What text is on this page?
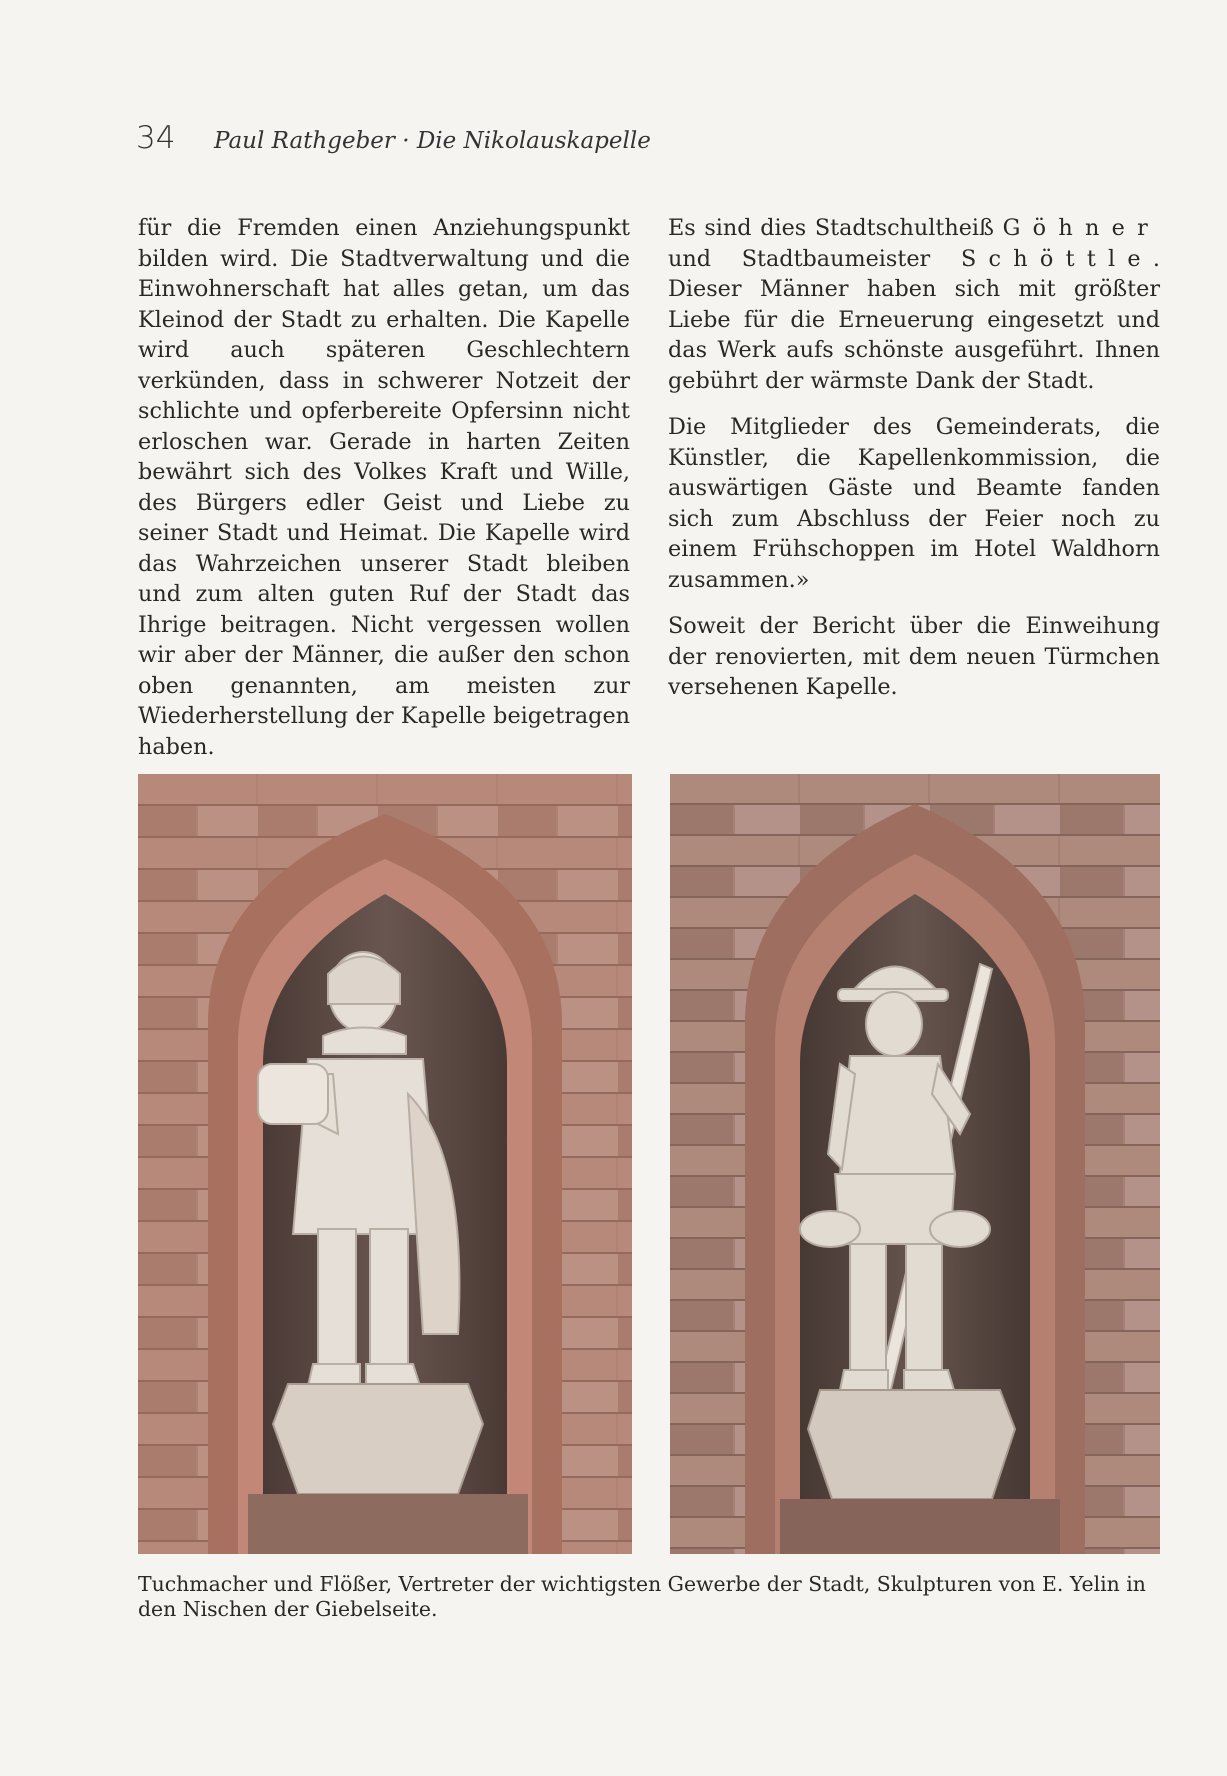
34 Paul Rathgeber · Die Nikolauskapelle

für die Fremden einen Anziehungspunkt bilden wird. Die Stadtverwaltung und die Einwohnerschaft hat alles getan, um das Kleinod der Stadt zu erhalten. Die Kapelle wird auch späteren Geschlechtern verkünden, dass in schwerer Notzeit der schlichte und opferbereite Opfersinn nicht erloschen war. Gerade in harten Zeiten bewährt sich des Volkes Kraft und Wille, des Bürgers edler Geist und Liebe zu seiner Stadt und Heimat. Die Kapelle wird das Wahrzeichen unserer Stadt bleiben und zum alten guten Ruf der Stadt das Ihrige beitragen. Nicht vergessen wollen wir aber der Männer, die außer den schon oben genannten, am meisten zur Wiederherstellung der Kapelle beigetragen haben.

Es sind dies Stadtschultheiß Göhner und Stadtbaumeister Schöttle. Dieser Männer haben sich mit größter Liebe für die Erneuerung eingesetzt und das Werk aufs schönste ausgeführt. Ihnen gebührt der wärmste Dank der Stadt.

Die Mitglieder des Gemeinderats, die Künstler, die Kapellenkommission, die auswärtigen Gäste und Beamte fanden sich zum Abschluss der Feier noch zu einem Frühschoppen im Hotel Waldhorn zusammen.»

Soweit der Bericht über die Einweihung der renovierten, mit dem neuen Türmchen versehenen Kapelle.

Tuchmacher und Flößer, Vertreter der wichtigsten Gewerbe der Stadt, Skulpturen von E. Yelin in den Nischen der Giebelseite.
